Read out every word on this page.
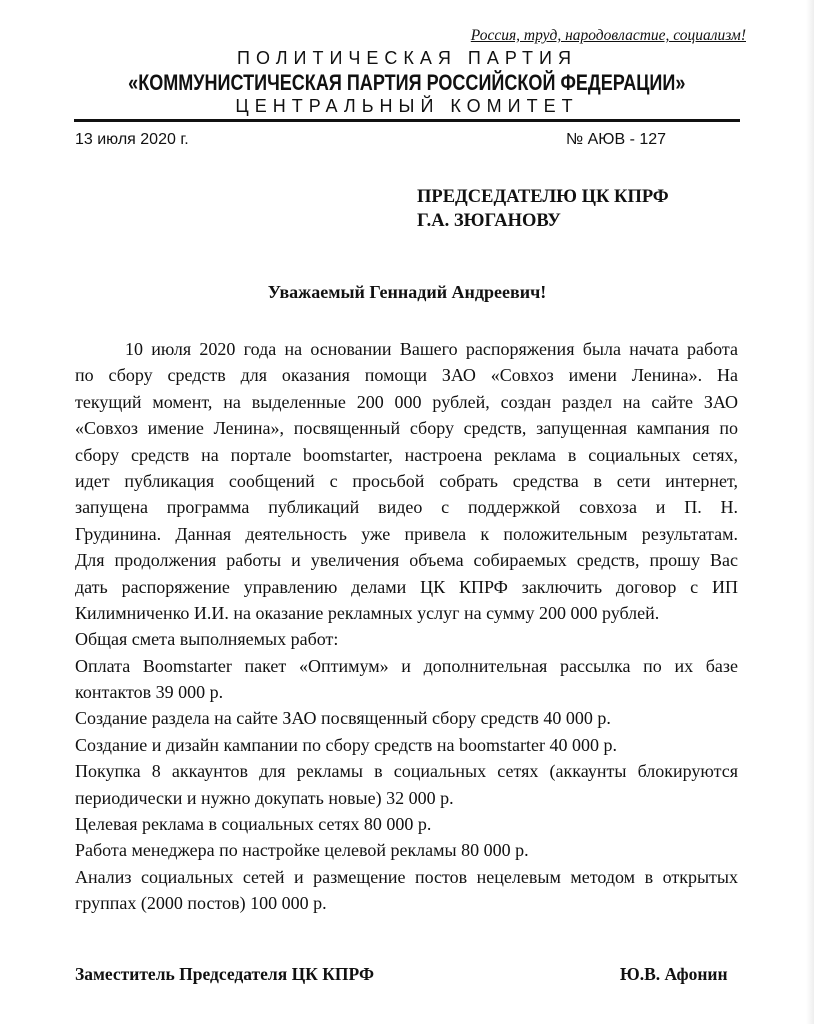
Россия, труд, народовластие, социализм!
ПОЛИТИЧЕСКАЯ ПАРТИЯ
«КОММУНИСТИЧЕСКАЯ ПАРТИЯ РОССИЙСКОЙ ФЕДЕРАЦИИ»
ЦЕНТРАЛЬНЫЙ КОМИТЕТ
13 июля 2020 г.	№ АЮВ - 127
ПРЕДСЕДАТЕЛЮ ЦК КПРФ
Г.А. ЗЮГАНОВУ
Уважаемый Геннадий Андреевич!
10 июля 2020 года на основании Вашего распоряжения была начата работа
по сбору средств для оказания помощи ЗАО «Совхоз имени Ленина». На
текущий момент, на выделенные 200 000 рублей, создан раздел на сайте ЗАО
«Совхоз имение Ленина», посвященный сбору средств, запущенная кампания по
сбору средств на портале boomstarter, настроена реклама в социальных сетях,
идет публикация сообщений с просьбой собрать средства в сети интернет,
запущена программа публикаций видео с поддержкой совхоза и П. Н.
Грудинина. Данная деятельность уже привела к положительным результатам.
Для продолжения работы и увеличения объема собираемых средств, прошу Вас
дать распоряжение управлению делами ЦК КПРФ заключить договор с ИП
Килимниченко И.И. на оказание рекламных услуг на сумму 200 000 рублей.
Общая смета выполняемых работ:
Оплата Boomstarter пакет «Оптимум» и дополнительная рассылка по их базе
контактов 39 000 р.
Создание раздела на сайте ЗАО посвященный сбору средств 40 000 р.
Создание и дизайн кампании по сбору средств на boomstarter 40 000 р.
Покупка 8 аккаунтов для рекламы в социальных сетях (аккаунты блокируются
периодически и нужно докупать новые) 32 000 р.
Целевая реклама в социальных сетях 80 000 р.
Работа менеджера по настройке целевой рекламы 80 000 р.
Анализ социальных сетей и размещение постов нецелевым методом в открытых
группах (2000 постов) 100 000 р.
Заместитель Председателя ЦК КПРФ	Ю.В. Афонин
